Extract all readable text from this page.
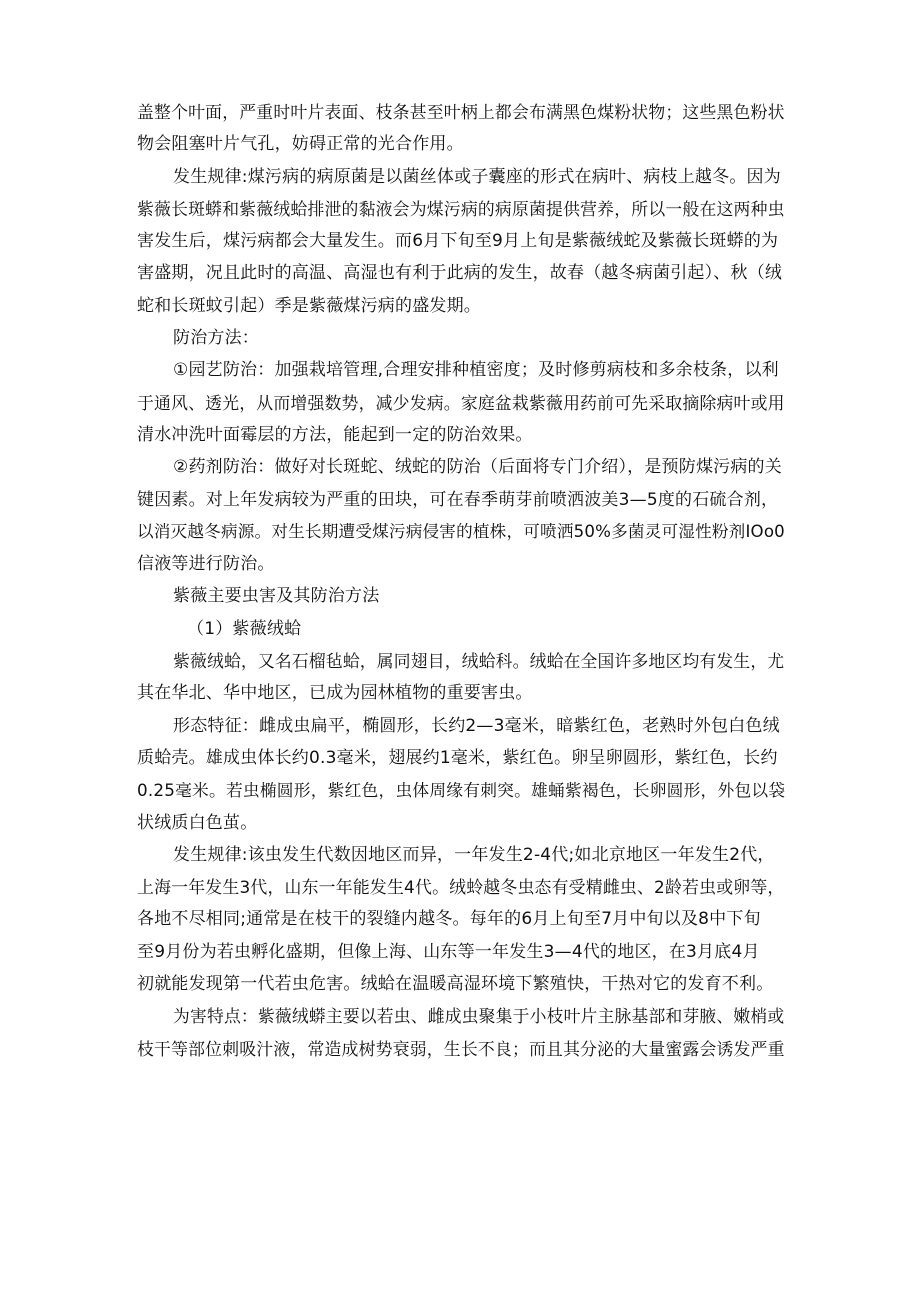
盖整个叶面，严重时叶片表面、枝条甚至叶柄上都会布满黑色煤粉状物；这些黑色粉状
物会阻塞叶片气孔，妨碍正常的光合作用。
发生规律:煤污病的病原菌是以菌丝体或子囊座的形式在病叶、病枝上越冬。因为
紫薇长斑蟒和紫薇绒蛤排泄的黏液会为煤污病的病原菌提供营养，所以一般在这两种虫
害发生后，煤污病都会大量发生。而6月下旬至9月上旬是紫薇绒蛇及紫薇长斑蟒的为
害盛期，况且此时的高温、高湿也有利于此病的发生，故春（越冬病菌引起）、秋（绒
蛇和长斑蚊引起）季是紫薇煤污病的盛发期。
防治方法：
①园艺防治：加强栽培管理,合理安排种植密度；及时修剪病枝和多余枝条，以利
于通风、透光，从而增强数势，减少发病。家庭盆栽紫薇用药前可先采取摘除病叶或用
清水冲洗叶面霉层的方法，能起到一定的防治效果。
②药剂防治：做好对长斑蛇、绒蛇的防治（后面将专门介绍），是预防煤污病的关
键因素。对上年发病较为严重的田块，可在春季萌芽前喷洒波美3—5度的石硫合剂，
以消灭越冬病源。对生长期遭受煤污病侵害的植株，可喷洒50%多菌灵可湿性粉剂IOo0
信液等进行防治。
紫薇主要虫害及其防治方法
（1）紫薇绒蛤
紫薇绒蛤，又名石榴毡蛤，属同翅目，绒蛤科。绒蛤在全国许多地区均有发生，尤
其在华北、华中地区，已成为园林植物的重要害虫。
形态特征：雌成虫扁平，椭圆形，长约2—3毫米，暗紫红色，老熟时外包白色绒
质蛤壳。雄成虫体长约0.3毫米，翅展约1毫米，紫红色。卵呈卵圆形，紫红色，长约
0.25毫米。若虫椭圆形，紫红色，虫体周缘有刺突。雄蛹紫褐色，长卵圆形，外包以袋
状绒质白色茧。
发生规律:该虫发生代数因地区而异，一年发生2-4代;如北京地区一年发生2代，
上海一年发生3代，山东一年能发生4代。绒蛉越冬虫态有受精雌虫、2龄若虫或卵等，
各地不尽相同;通常是在枝干的裂缝内越冬。每年的6月上旬至7月中旬以及8中下旬
至9月份为若虫孵化盛期，但像上海、山东等一年发生3—4代的地区，在3月底4月
初就能发现第一代若虫危害。绒蛤在温暖高湿环境下繁殖快，干热对它的发育不利。
为害特点：紫薇绒蟒主要以若虫、雌成虫聚集于小枝叶片主脉基部和芽腋、嫩梢或
枝干等部位刺吸汁液，常造成树势衰弱，生长不良；而且其分泌的大量蜜露会诱发严重
